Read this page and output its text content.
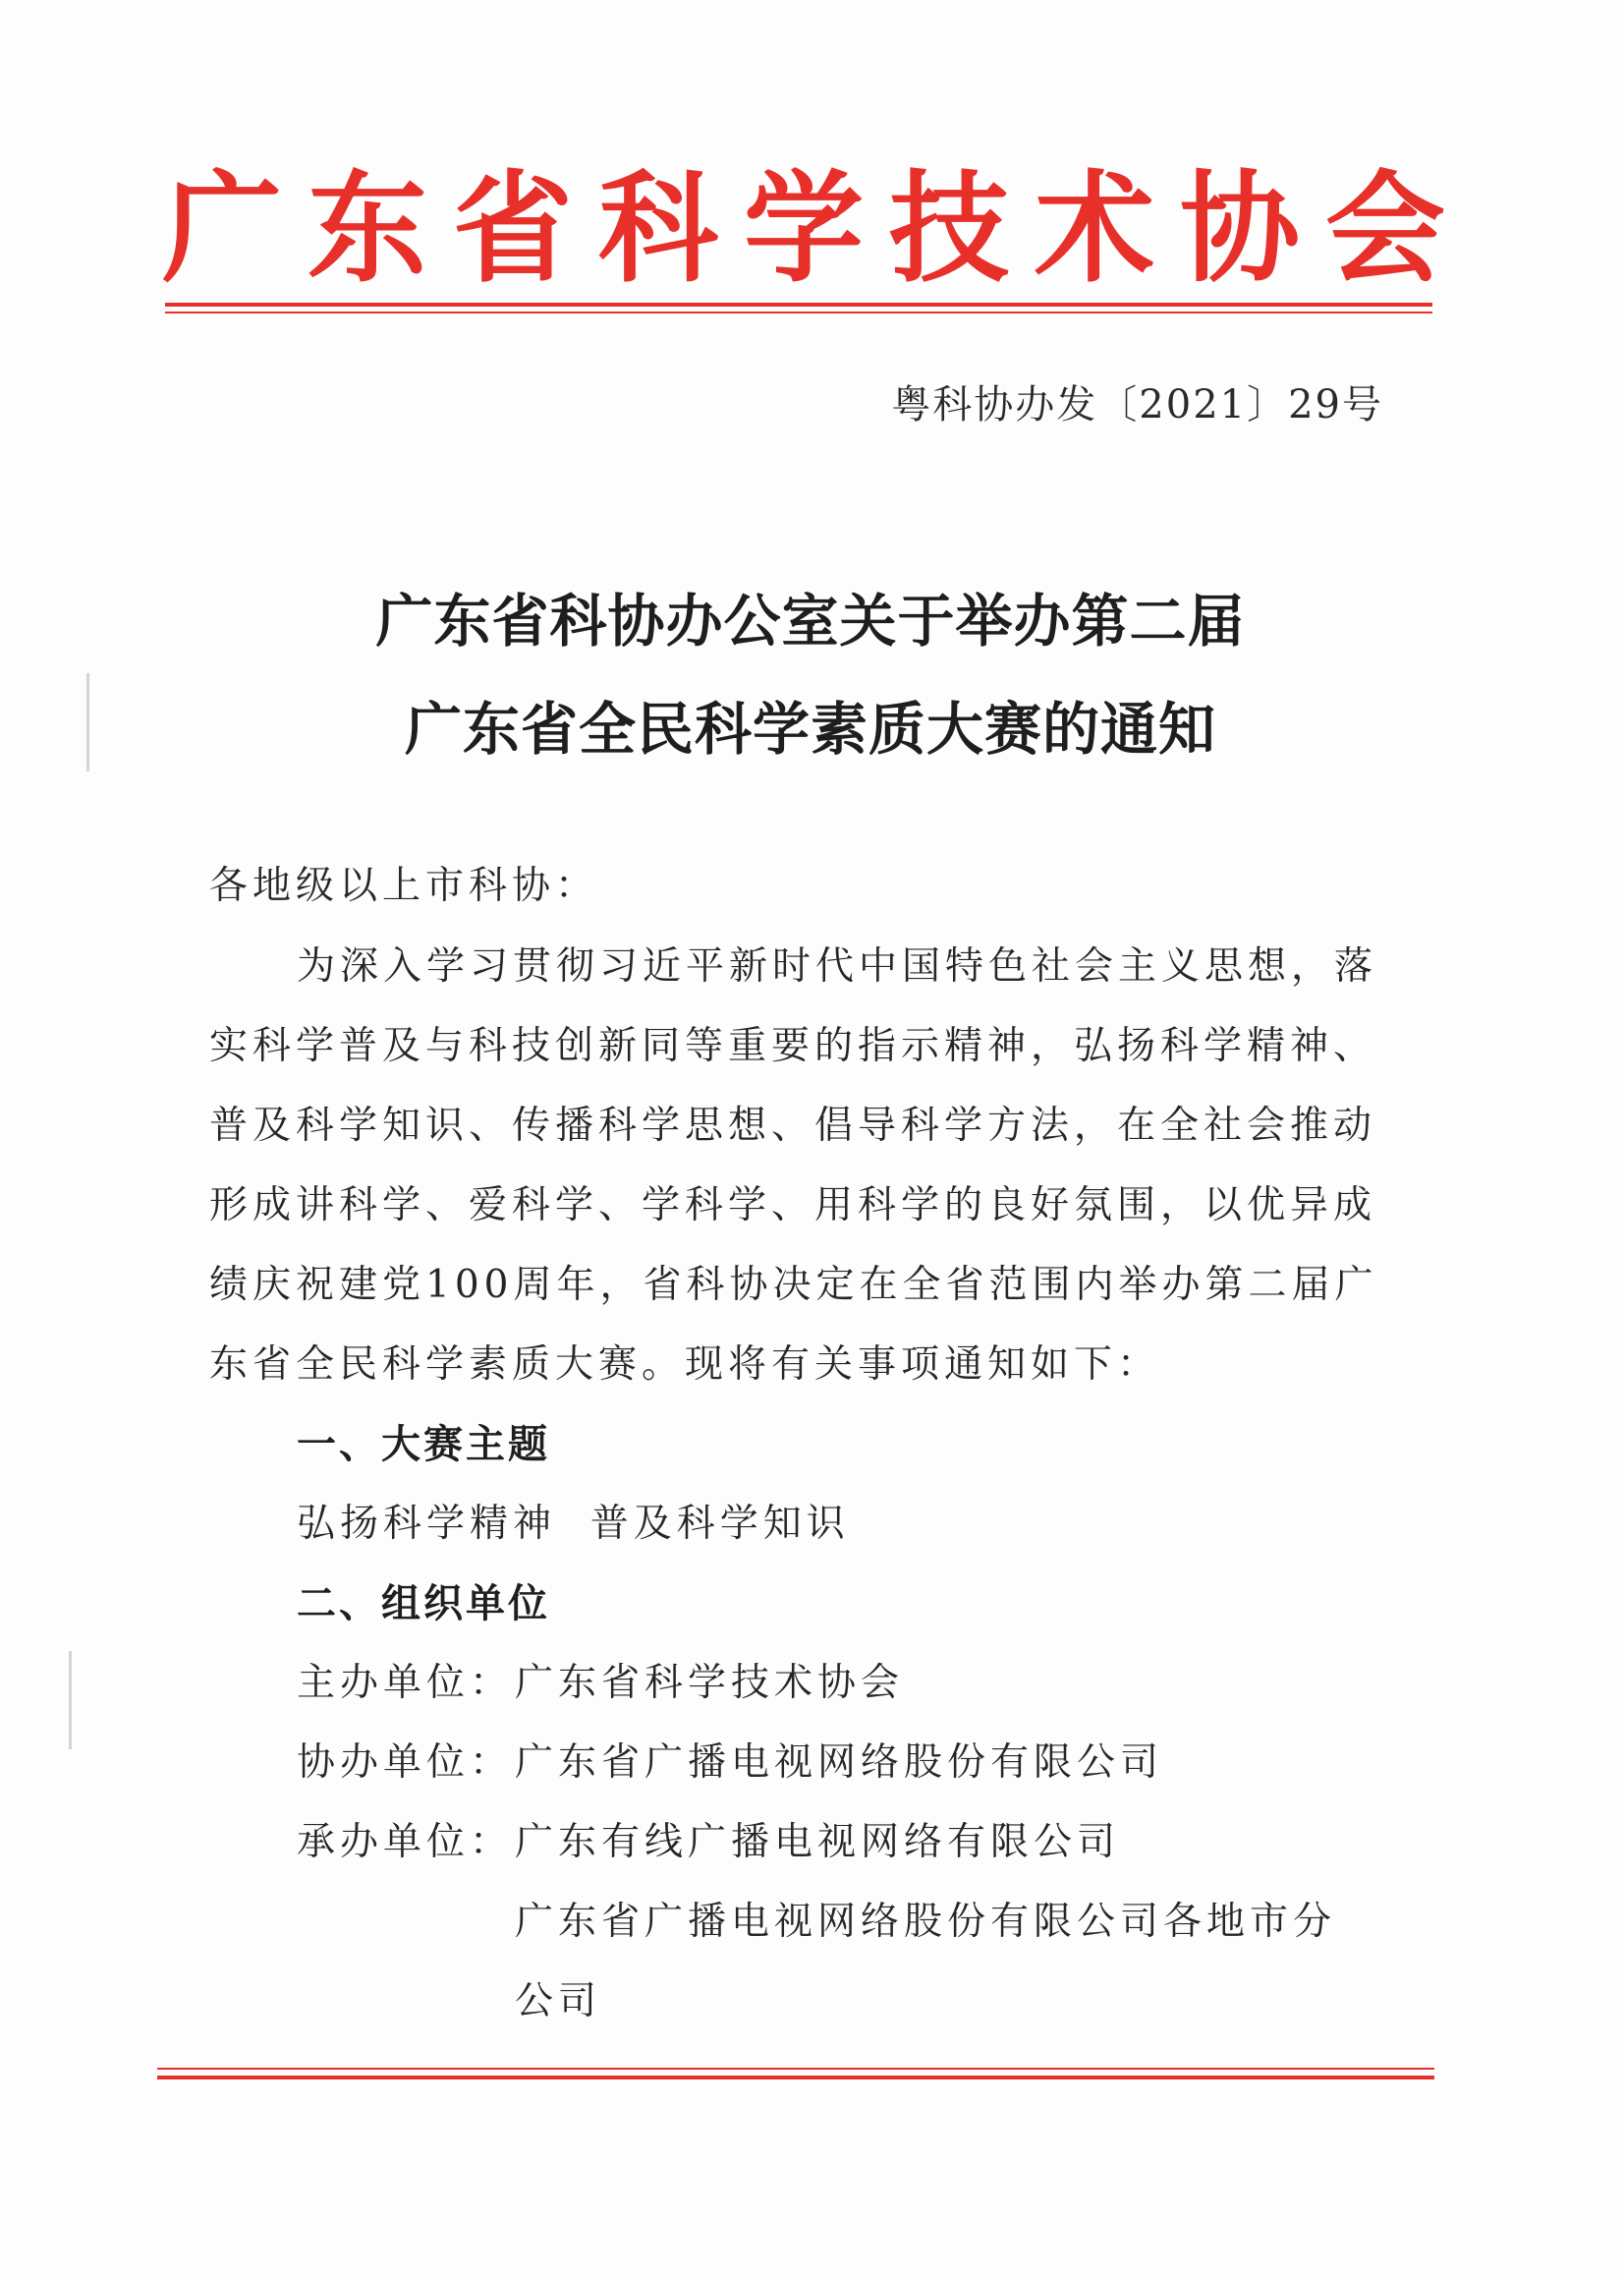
广东省科学技术协会
粤科协办发〔2021〕29号
广东省科协办公室关于举办第二届
广东省全民科学素质大赛的通知
各地级以上市科协：
为深入学习贯彻习近平新时代中国特色社会主义思想，落
实科学普及与科技创新同等重要的指示精神，弘扬科学精神、
普及科学知识、传播科学思想、倡导科学方法，在全社会推动
形成讲科学、爱科学、学科学、用科学的良好氛围，以优异成
绩庆祝建党100周年，省科协决定在全省范围内举办第二届广
东省全民科学素质大赛。现将有关事项通知如下：
一、大赛主题
弘扬科学精神  普及科学知识
二、组织单位
主办单位： 广东省科学技术协会
协办单位： 广东省广播电视网络股份有限公司
承办单位： 广东有线广播电视网络有限公司
广东省广播电视网络股份有限公司各地市分
公司
